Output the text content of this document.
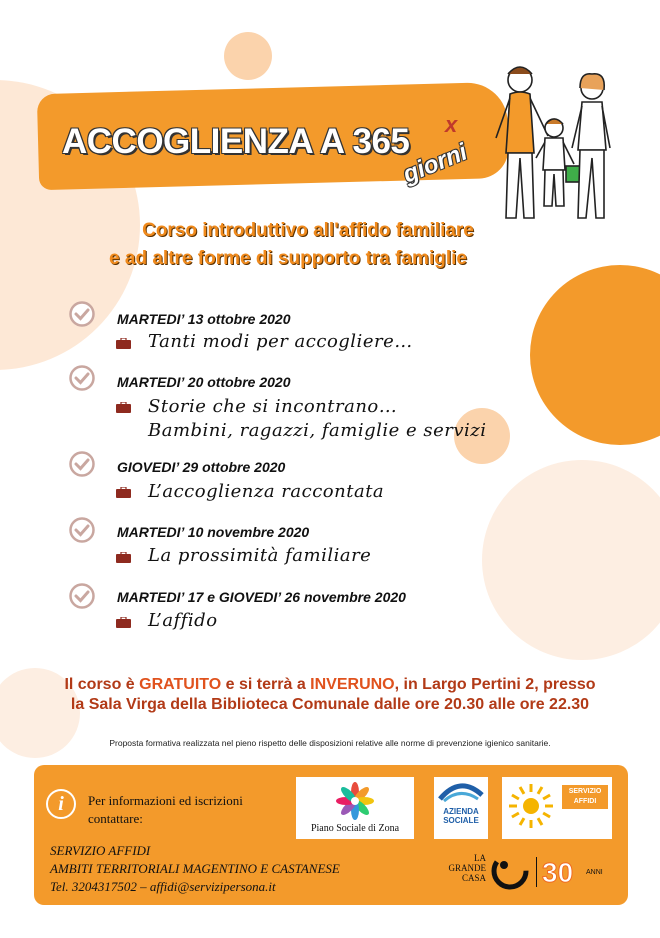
ACCOGLIENZA A 365 x
giorni
Corso introduttivo all'affido familiare
e ad altre forme di supporto tra famiglie
MARTEDI’ 13 ottobre 2020
Tanti modi per accogliere…
MARTEDI’ 20 ottobre 2020
Storie che si incontrano…
Bambini, ragazzi, famiglie e servizi
GIOVEDI’ 29 ottobre 2020
L’accoglienza raccontata
MARTEDI’ 10 novembre 2020
La prossimità familiare
MARTEDI’ 17 e GIOVEDI’ 26 novembre 2020
L’affido
Il corso è GRATUITO e si terrà a INVERUNO, in Largo Pertini 2, presso
la Sala Virga della Biblioteca Comunale dalle ore 20.30 alle ore 22.30
Proposta formativa realizzata nel pieno rispetto delle disposizioni relative alle norme di prevenzione igienico sanitarie.
i	Per informazioni ed iscrizioni
contattare:
SERVIZIO AFFIDI
AMBITI TERRITORIALI MAGENTINO E CASTANESE
Tel. 3204317502 – affidi@servizipersona.it
Piano Sociale di Zona
AZIENDA
SOCIALE
SERVIZIO
AFFIDI
LA
GRANDE
CASA 30 ANNI
